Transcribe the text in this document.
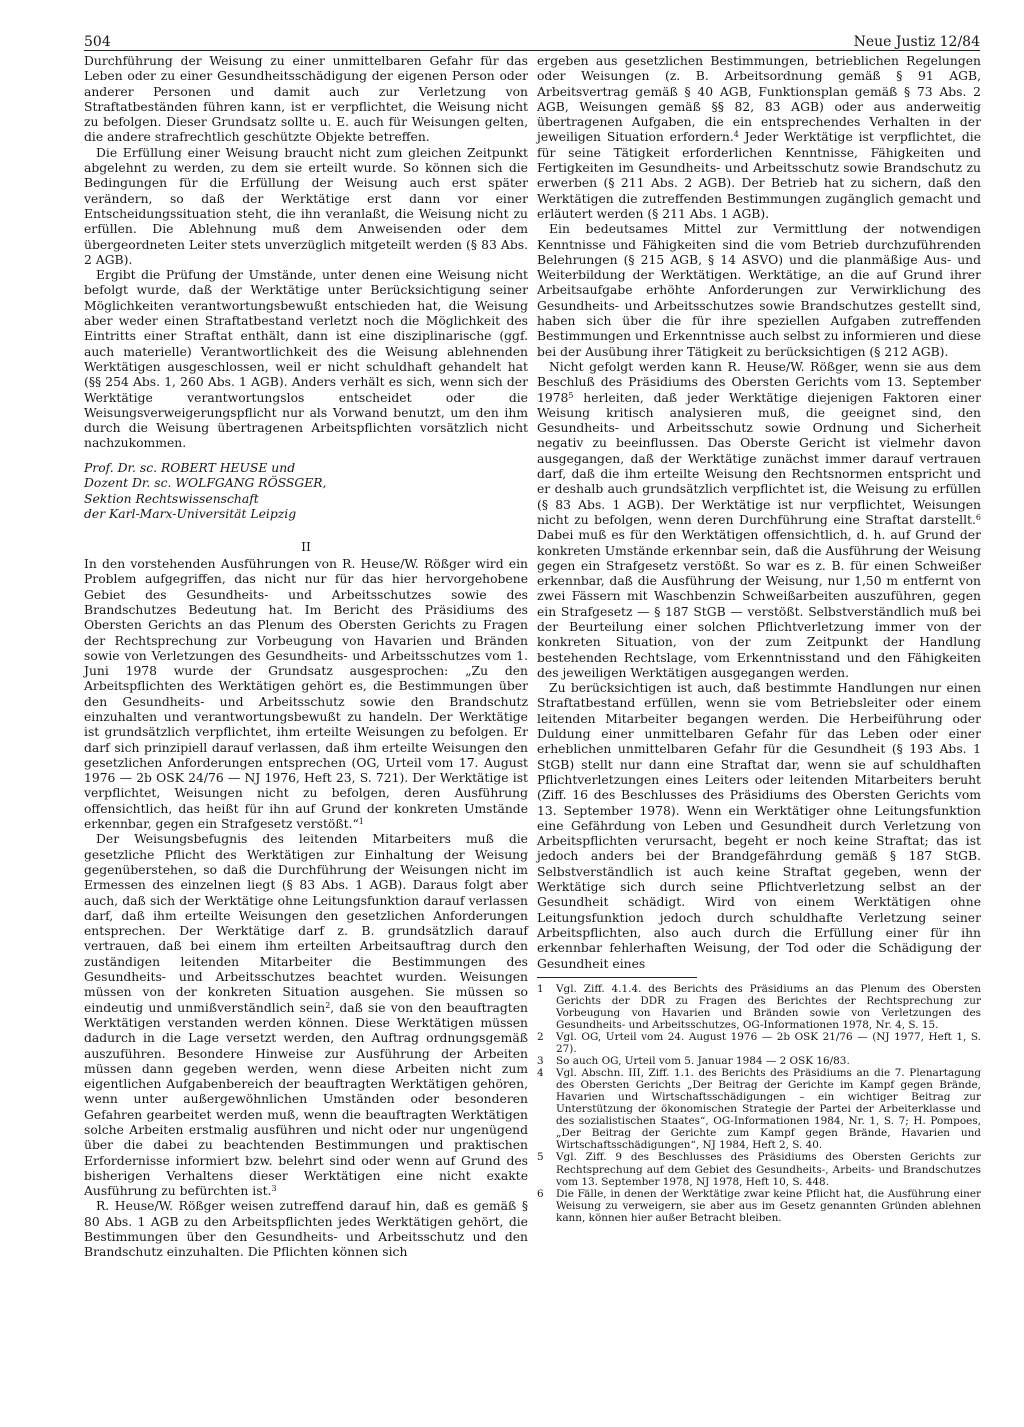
504	Neue Justiz 12/84

Durchführung der Weisung zu einer unmittelbaren Gefahr für das Leben oder zu einer Gesundheitsschädigung der eigenen Person oder anderer Personen und damit auch zur Verletzung von Straftatbeständen führen kann, ist er verpflichtet, die Weisung nicht zu befolgen. Dieser Grundsatz sollte u. E. auch für Weisungen gelten, die andere strafrechtlich geschützte Objekte betreffen.

Die Erfüllung einer Weisung braucht nicht zum gleichen Zeitpunkt abgelehnt zu werden, zu dem sie erteilt wurde. So können sich die Bedingungen für die Erfüllung der Weisung auch erst später verändern, so daß der Werktätige erst dann vor einer Entscheidungssituation steht, die ihn veranlaßt, die Weisung nicht zu erfüllen. Die Ablehnung muß dem Anweisenden oder dem übergeordneten Leiter stets unverzüglich mitgeteilt werden (§ 83 Abs. 2 AGB).

Ergibt die Prüfung der Umstände, unter denen eine Weisung nicht befolgt wurde, daß der Werktätige unter Berücksichtigung seiner Möglichkeiten verantwortungsbewußt entschieden hat, die Weisung aber weder einen Straftatbestand verletzt noch die Möglichkeit des Eintritts einer Straftat enthält, dann ist eine disziplinarische (ggf. auch materielle) Verantwortlichkeit des die Weisung ablehnenden Werktätigen ausgeschlossen, weil er nicht schuldhaft gehandelt hat (§§ 254 Abs. 1, 260 Abs. 1 AGB). Anders verhält es sich, wenn sich der Werktätige verantwortungslos entscheidet oder die Weisungsverweigerungspflicht nur als Vorwand benutzt, um den ihm durch die Weisung übertragenen Arbeitspflichten vorsätzlich nicht nachzukommen.

Prof. Dr. sc. ROBERT HEUSE und
Dozent Dr. sc. WOLFGANG RÖSSGER,
Sektion Rechtswissenschaft
der Karl-Marx-Universität Leipzig
II

In den vorstehenden Ausführungen von R. Heuse/W. Rößger wird ein Problem aufgegriffen, das nicht nur für das hier hervorgehobene Gebiet des Gesundheits- und Arbeitsschutzes sowie des Brandschutzes Bedeutung hat. Im Bericht des Präsidiums des Obersten Gerichts an das Plenum des Obersten Gerichts zu Fragen der Rechtsprechung zur Vorbeugung von Havarien und Bränden sowie von Verletzungen des Gesundheits- und Arbeitsschutzes vom 1. Juni 1978 wurde der Grundsatz ausgesprochen: „Zu den Arbeitspflichten des Werktätigen gehört es, die Bestimmungen über den Gesundheits- und Arbeitsschutz sowie den Brandschutz einzuhalten und verantwortungsbewußt zu handeln. Der Werktätige ist grundsätzlich verpflichtet, ihm erteilte Weisungen zu befolgen. Er darf sich prinzipiell darauf verlassen, daß ihm erteilte Weisungen den gesetzlichen Anforderungen entsprechen (OG, Urteil vom 17. August 1976 — 2b OSK 24/76 — NJ 1976, Heft 23, S. 721). Der Werktätige ist verpflichtet, Weisungen nicht zu befolgen, deren Ausführung offensichtlich, das heißt für ihn auf Grund der konkreten Umstände erkennbar, gegen ein Strafgesetz verstößt.“$^1$

Der Weisungsbefugnis des leitenden Mitarbeiters muß die gesetzliche Pflicht des Werktätigen zur Einhaltung der Weisung gegenüberstehen, so daß die Durchführung der Weisungen nicht im Ermessen des einzelnen liegt (§ 83 Abs. 1 AGB). Daraus folgt aber auch, daß sich der Werktätige ohne Leitungsfunktion darauf verlassen darf, daß ihm erteilte Weisungen den gesetzlichen Anforderungen entsprechen. Der Werktätige darf z. B. grundsätzlich darauf vertrauen, daß bei einem ihm erteilten Arbeitsauftrag durch den zuständigen leitenden Mitarbeiter die Bestimmungen des Gesundheits- und Arbeitsschutzes beachtet wurden. Weisungen müssen von der konkreten Situation ausgehen. Sie müssen so eindeutig und unmißverständlich sein$^2$, daß sie von den beauftragten Werktätigen verstanden werden können. Diese Werktätigen müssen dadurch in die Lage versetzt werden, den Auftrag ordnungsgemäß auszuführen. Besondere Hinweise zur Ausführung der Arbeiten müssen dann gegeben werden, wenn diese Arbeiten nicht zum eigentlichen Aufgabenbereich der beauftragten Werktätigen gehören, wenn unter außergewöhnlichen Umständen oder besonderen Gefahren gearbeitet werden muß, wenn die beauftragten Werktätigen solche Arbeiten erstmalig ausführen und nicht oder nur ungenügend über die dabei zu beachtenden Bestimmungen und praktischen Erfordernisse informiert bzw. belehrt sind oder wenn auf Grund des bisherigen Verhaltens dieser Werktätigen eine nicht exakte Ausführung zu befürchten ist.$^3$

R. Heuse/W. Rößger weisen zutreffend darauf hin, daß es gemäß § 80 Abs. 1 AGB zu den Arbeitspflichten jedes Werktätigen gehört, die Bestimmungen über den Gesundheits- und Arbeitsschutz und den Brandschutz einzuhalten. Die Pflichten können sich

ergeben aus gesetzlichen Bestimmungen, betrieblichen Regelungen oder Weisungen (z. B. Arbeitsordnung gemäß § 91 AGB, Arbeitsvertrag gemäß § 40 AGB, Funktionsplan gemäß § 73 Abs. 2 AGB, Weisungen gemäß §§ 82, 83 AGB) oder aus anderweitig übertragenen Aufgaben, die ein entsprechendes Verhalten in der jeweiligen Situation erfordern.$^4$ Jeder Werktätige ist verpflichtet, die für seine Tätigkeit erforderlichen Kenntnisse, Fähigkeiten und Fertigkeiten im Gesundheits- und Arbeitsschutz sowie Brandschutz zu erwerben (§ 211 Abs. 2 AGB). Der Betrieb hat zu sichern, daß den Werktätigen die zutreffenden Bestimmungen zugänglich gemacht und erläutert werden (§ 211 Abs. 1 AGB).

Ein bedeutsames Mittel zur Vermittlung der notwendigen Kenntnisse und Fähigkeiten sind die vom Betrieb durchzuführenden Belehrungen (§ 215 AGB, § 14 ASVO) und die planmäßige Aus- und Weiterbildung der Werktätigen. Werktätige, an die auf Grund ihrer Arbeitsaufgabe erhöhte Anforderungen zur Verwirklichung des Gesundheits- und Arbeitsschutzes sowie Brandschutzes gestellt sind, haben sich über die für ihre speziellen Aufgaben zutreffenden Bestimmungen und Erkenntnisse auch selbst zu informieren und diese bei der Ausübung ihrer Tätigkeit zu berücksichtigen (§ 212 AGB).

Nicht gefolgt werden kann R. Heuse/W. Rößger, wenn sie aus dem Beschluß des Präsidiums des Obersten Gerichts vom 13. September 1978$^5$ herleiten, daß jeder Werktätige diejenigen Faktoren einer Weisung kritisch analysieren muß, die geeignet sind, den Gesundheits- und Arbeitsschutz sowie Ordnung und Sicherheit negativ zu beeinflussen. Das Oberste Gericht ist vielmehr davon ausgegangen, daß der Werktätige zunächst immer darauf vertrauen darf, daß die ihm erteilte Weisung den Rechtsnormen entspricht und er deshalb auch grundsätzlich verpflichtet ist, die Weisung zu erfüllen (§ 83 Abs. 1 AGB). Der Werktätige ist nur verpflichtet, Weisungen nicht zu befolgen, wenn deren Durchführung eine Straftat darstellt.$^6$ Dabei muß es für den Werktätigen offensichtlich, d. h. auf Grund der konkreten Umstände erkennbar sein, daß die Ausführung der Weisung gegen ein Strafgesetz verstößt. So war es z. B. für einen Schweißer erkennbar, daß die Ausführung der Weisung, nur 1,50 m entfernt von zwei Fässern mit Waschbenzin Schweißarbeiten auszuführen, gegen ein Strafgesetz — § 187 StGB — verstößt. Selbstverständlich muß bei der Beurteilung einer solchen Pflichtverletzung immer von der konkreten Situation, von der zum Zeitpunkt der Handlung bestehenden Rechtslage, vom Erkenntnisstand und den Fähigkeiten des jeweiligen Werktätigen ausgegangen werden.

Zu berücksichtigen ist auch, daß bestimmte Handlungen nur einen Straftatbestand erfüllen, wenn sie vom Betriebsleiter oder einem leitenden Mitarbeiter begangen werden. Die Herbeiführung oder Duldung einer unmittelbaren Gefahr für das Leben oder einer erheblichen unmittelbaren Gefahr für die Gesundheit (§ 193 Abs. 1 StGB) stellt nur dann eine Straftat dar, wenn sie auf schuldhaften Pflichtverletzungen eines Leiters oder leitenden Mitarbeiters beruht (Ziff. 16 des Beschlusses des Präsidiums des Obersten Gerichts vom 13. September 1978). Wenn ein Werktätiger ohne Leitungsfunktion eine Gefährdung von Leben und Gesundheit durch Verletzung von Arbeitspflichten verursacht, begeht er noch keine Straftat; das ist jedoch anders bei der Brandgefährdung gemäß § 187 StGB. Selbstverständlich ist auch keine Straftat gegeben, wenn der Werktätige sich durch seine Pflichtverletzung selbst an der Gesundheit schädigt. Wird von einem Werktätigen ohne Leitungsfunktion jedoch durch schuldhafte Verletzung seiner Arbeitspflichten, also auch durch die Erfüllung einer für ihn erkennbar fehlerhaften Weisung, der Tod oder die Schädigung der Gesundheit eines

1	Vgl. Ziff. 4.1.4. des Berichts des Präsidiums an das Plenum des Obersten Gerichts der DDR zu Fragen des Berichtes der Rechtsprechung zur Vorbeugung von Havarien und Bränden sowie von Verletzungen des Gesundheits- und Arbeitsschutzes, OG-Informationen 1978, Nr. 4, S. 15.
2	Vgl. OG, Urteil vom 24. August 1976 — 2b OSK 21/76 — (NJ 1977, Heft 1, S. 27).
3	So auch OG, Urteil vom 5. Januar 1984 — 2 OSK 16/83.
4	Vgl. Abschn. III, Ziff. 1.1. des Berichts des Präsidiums an die 7. Plenartagung des Obersten Gerichts „Der Beitrag der Gerichte im Kampf gegen Brände, Havarien und Wirtschaftsschädigungen – ein wichtiger Beitrag zur Unterstützung der ökonomischen Strategie der Partei der Arbeiterklasse und des sozialistischen Staates“, OG-Informationen 1984, Nr. 1, S. 7; H. Pompoes, „Der Beitrag der Gerichte zum Kampf gegen Brände, Havarien und Wirtschaftsschädigungen“, NJ 1984, Heft 2, S. 40.
5	Vgl. Ziff. 9 des Beschlusses des Präsidiums des Obersten Gerichts zur Rechtsprechung auf dem Gebiet des Gesundheits-, Arbeits- und Brandschutzes vom 13. September 1978, NJ 1978, Heft 10, S. 448.
6	Die Fälle, in denen der Werktätige zwar keine Pflicht hat, die Ausführung einer Weisung zu verweigern, sie aber aus im Gesetz genannten Gründen ablehnen kann, können hier außer Betracht bleiben.
